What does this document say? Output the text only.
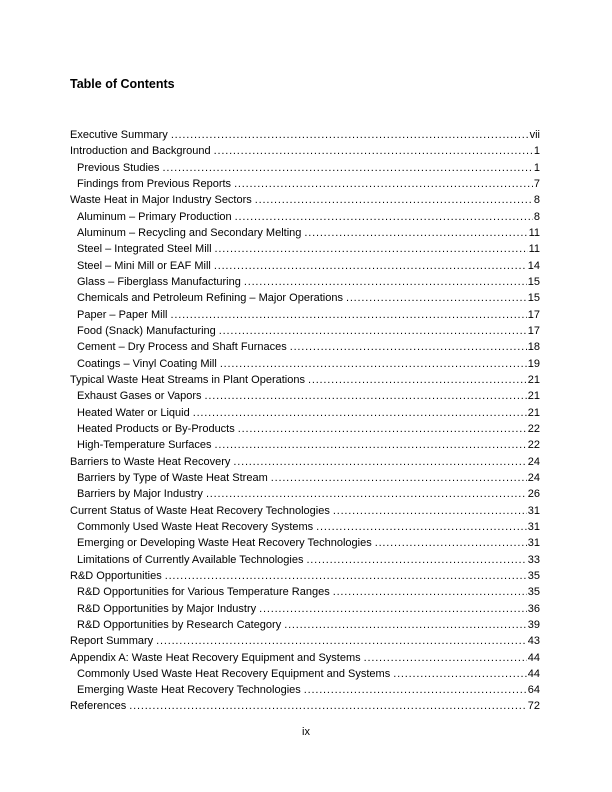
Table of Contents
Executive Summary .....	vii
Introduction and Background .....	1
Previous Studies .....	1
Findings from Previous Reports .....	7
Waste Heat in Major Industry Sectors .....	8
Aluminum – Primary Production .....	8
Aluminum – Recycling and Secondary Melting .....	11
Steel – Integrated Steel Mill .....	11
Steel – Mini Mill or EAF Mill .....	14
Glass – Fiberglass Manufacturing .....	15
Chemicals and Petroleum Refining – Major Operations .....	15
Paper – Paper Mill .....	17
Food (Snack) Manufacturing .....	17
Cement – Dry Process and Shaft Furnaces .....	18
Coatings – Vinyl Coating Mill .....	19
Typical Waste Heat Streams in Plant Operations .....	21
Exhaust Gases or Vapors .....	21
Heated Water or Liquid .....	21
Heated Products or By-Products .....	22
High-Temperature Surfaces .....	22
Barriers to Waste Heat Recovery .....	24
Barriers by Type of Waste Heat Stream .....	24
Barriers by Major Industry .....	26
Current Status of Waste Heat Recovery Technologies .....	31
Commonly Used Waste Heat Recovery Systems .....	31
Emerging or Developing Waste Heat Recovery Technologies .....	31
Limitations of Currently Available Technologies .....	33
R&D Opportunities .....	35
R&D Opportunities for Various Temperature Ranges .....	35
R&D Opportunities by Major Industry .....	36
R&D Opportunities by Research Category .....	39
Report Summary .....	43
Appendix A: Waste Heat Recovery Equipment and Systems .....	44
Commonly Used Waste Heat Recovery Equipment and Systems .....	44
Emerging Waste Heat Recovery Technologies .....	64
References .....	72
ix
